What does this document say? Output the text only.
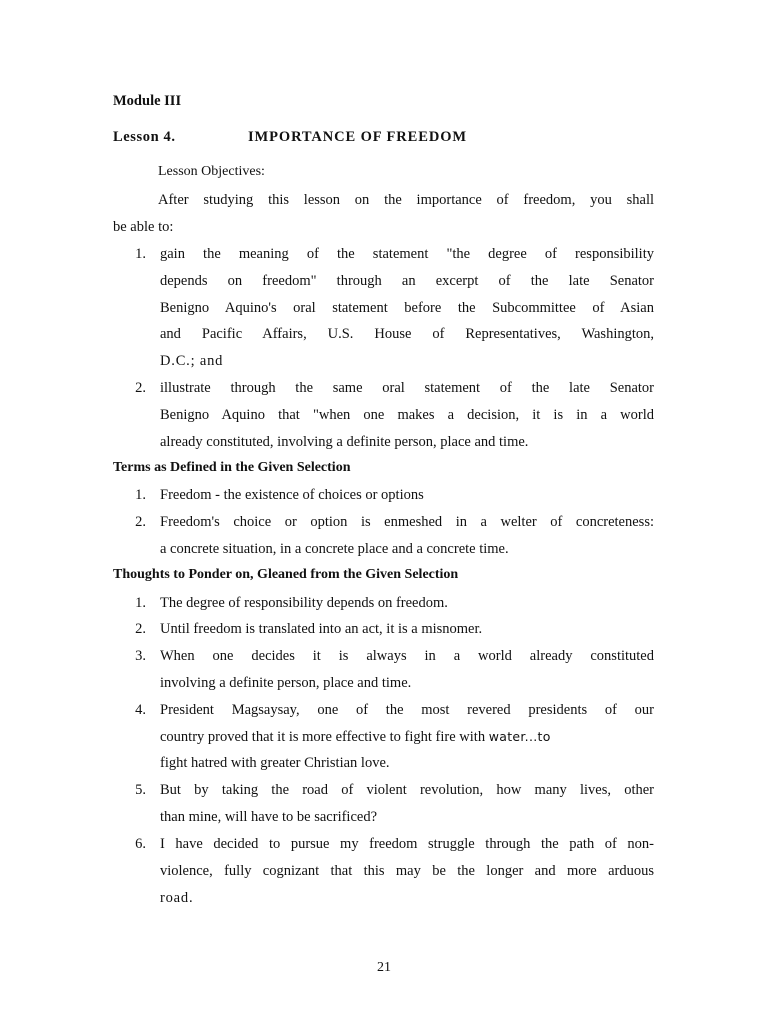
Module III
Lesson 4.	IMPORTANCE OF FREEDOM
Lesson Objectives:
After studying this lesson on the importance of freedom, you shall
be able to:
1. gain the meaning of the statement "the degree of responsibility
depends on freedom" through an excerpt of the late Senator
Benigno Aquino's oral statement before the Subcommittee of Asian
and Pacific Affairs, U.S. House of Representatives, Washington,
D.C.; and
2. illustrate through the same oral statement of the late Senator
Benigno Aquino that "when one makes a decision, it is in a world
already constituted, involving a definite person, place and time.
Terms as Defined in the Given Selection
1. Freedom - the existence of choices or options
2. Freedom's choice or option is enmeshed in a welter of concreteness:
a concrete situation, in a concrete place and a concrete time.
Thoughts to Ponder on, Gleaned from the Given Selection
1. The degree of responsibility depends on freedom.
2. Until freedom is translated into an act, it is a misnomer.
3. When one decides it is always in a world already constituted
involving a definite person, place and time.
4. President Magsaysay, one of the most revered presidents of our
country proved that it is more effective to fight fire with water...to
fight hatred with greater Christian love.
5. But by taking the road of violent revolution, how many lives, other
than mine, will have to be sacrificed?
6. I have decided to pursue my freedom struggle through the path of non-
violence, fully cognizant that this may be the longer and more arduous
road.
21
